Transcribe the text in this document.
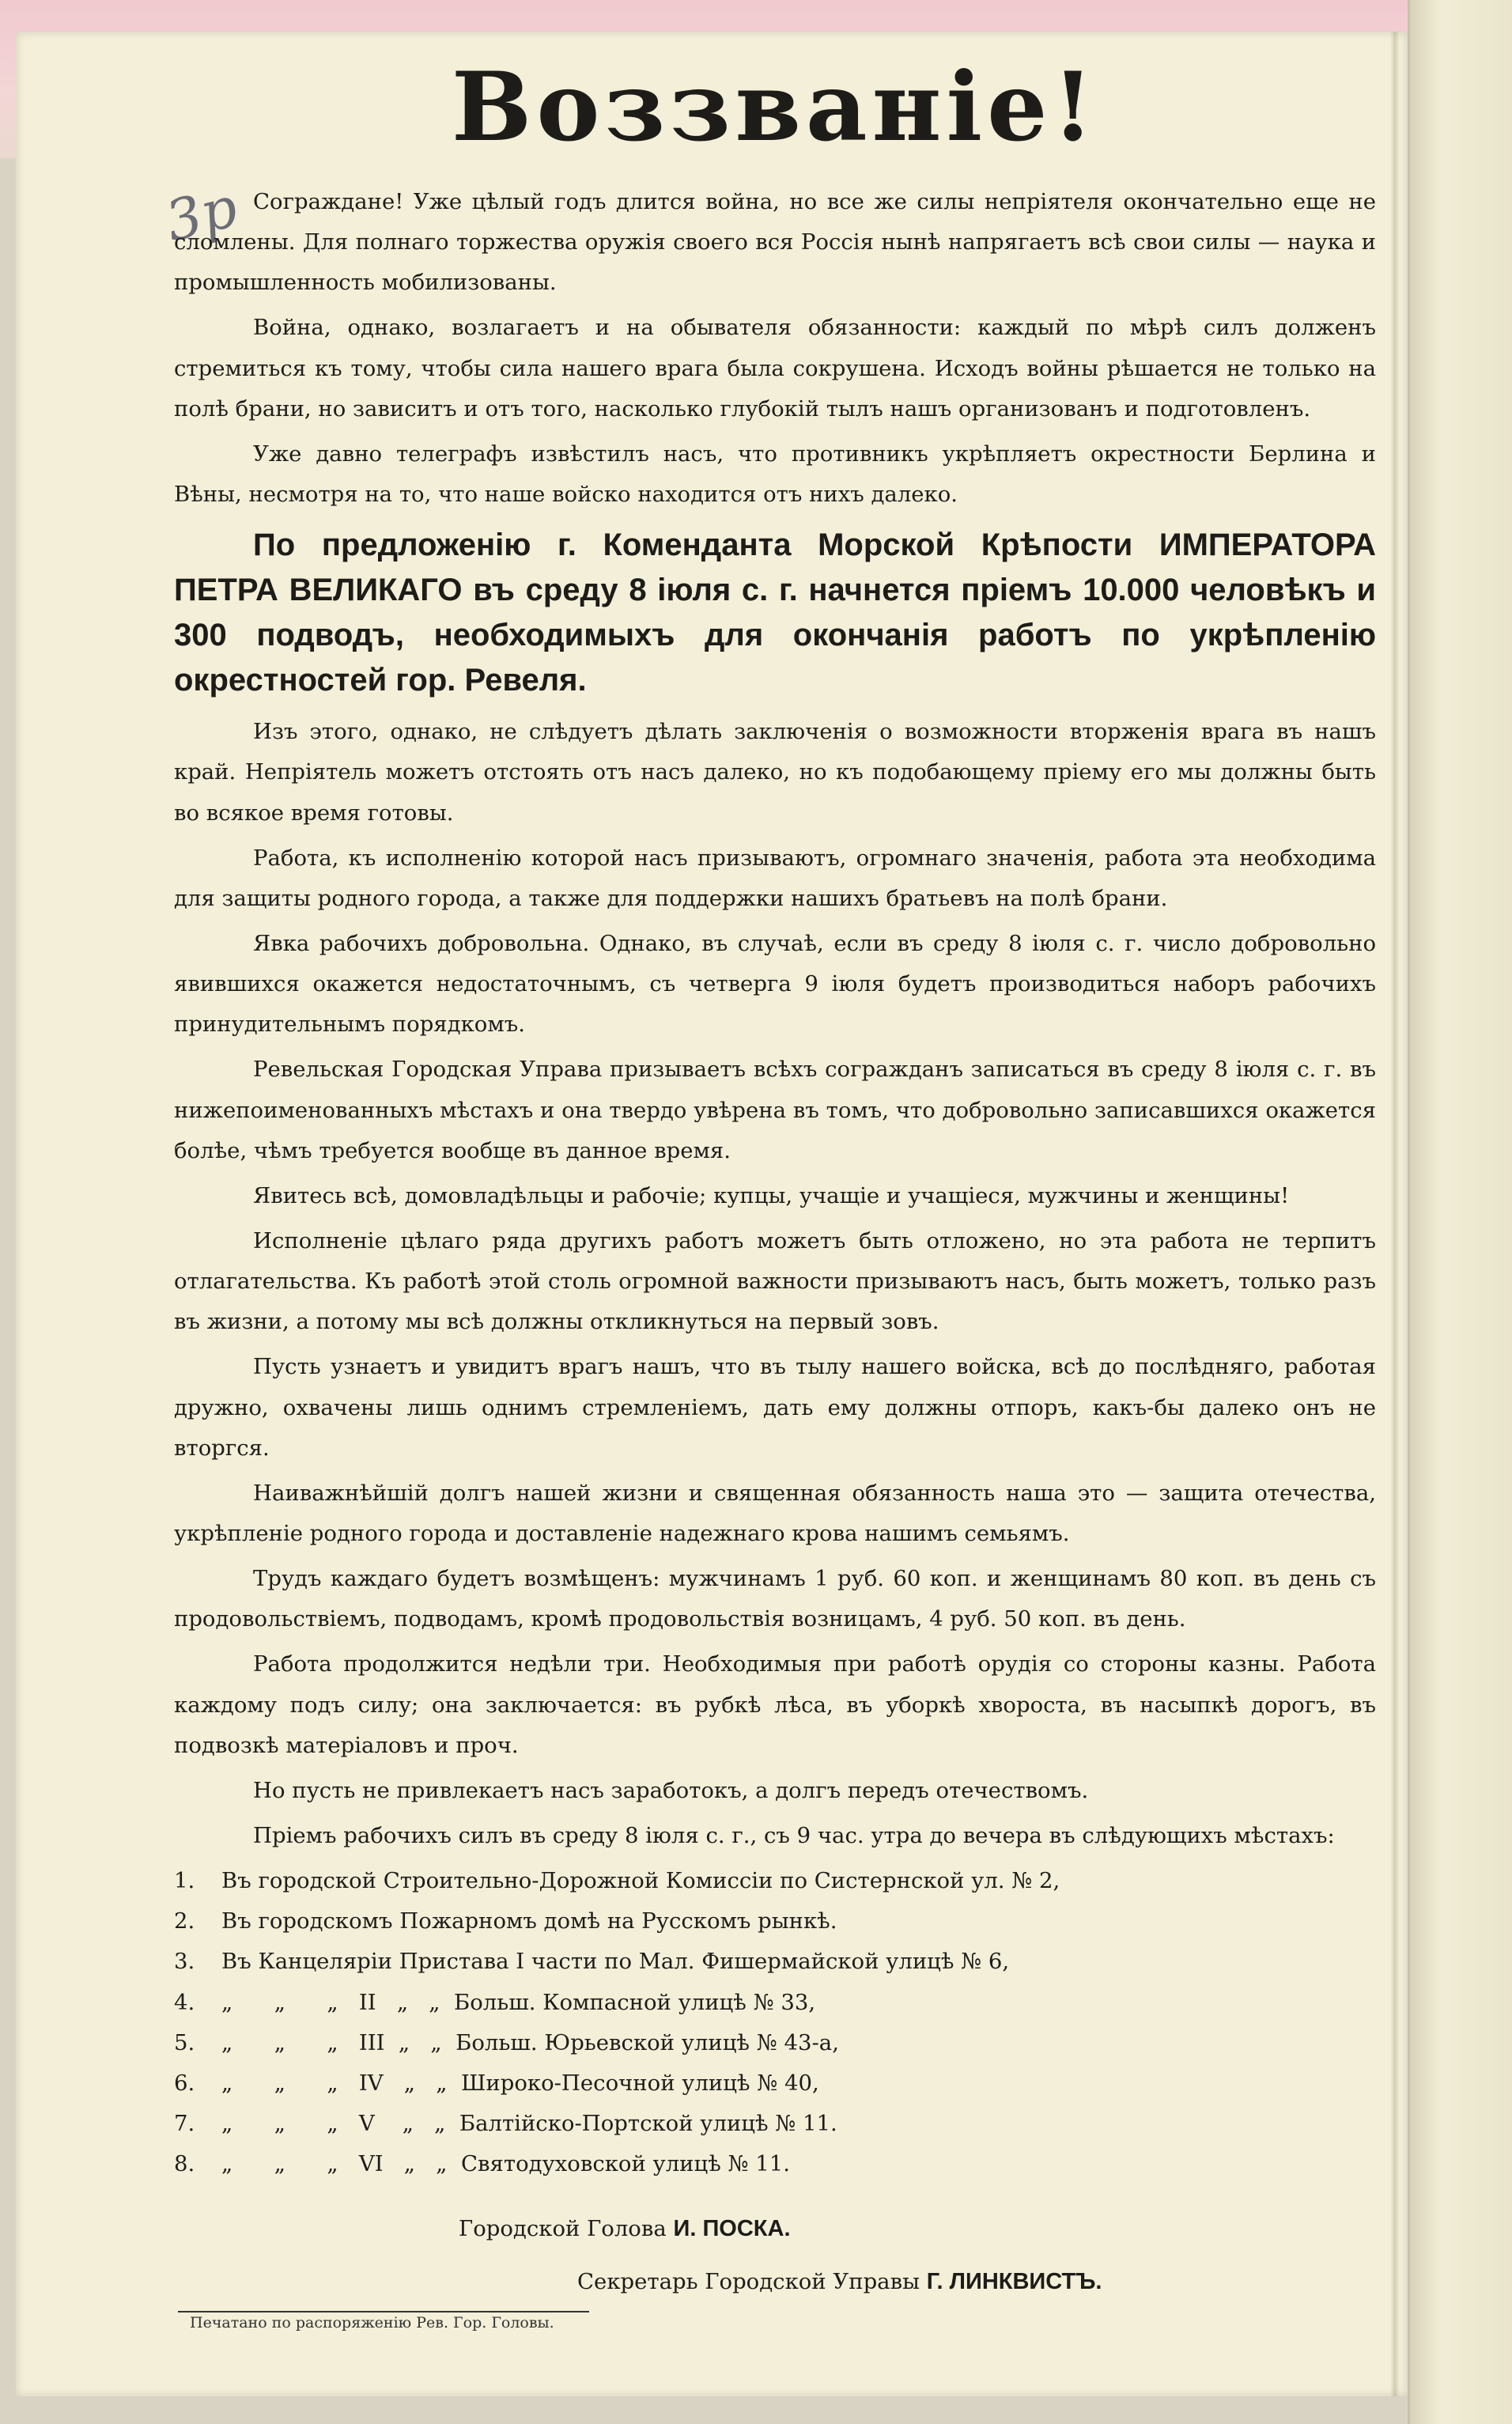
3р
Воззваніе!

Сограждане! Уже цѣлый годъ длится война, но все же силы непріятеля окончательно еще не сломлены. Для полнаго торжества оружія своего вся Россія нынѣ напрягаетъ всѣ свои силы — наука и промышленность мобилизованы.

Война, однако, возлагаетъ и на обывателя обязанности: каждый по мѣрѣ силъ долженъ стремиться къ тому, чтобы сила нашего врага была сокрушена. Исходъ войны рѣшается не только на полѣ брани, но зависитъ и отъ того, насколько глубокій тылъ нашъ организованъ и подготовленъ.

Уже давно телеграфъ извѣстилъ насъ, что противникъ укрѣпляетъ окрестности Берлина и Вѣны, несмотря на то, что наше войско находится отъ нихъ далеко.

По предложенію г. Коменданта Морской Крѣпости ИМПЕРАТОРА ПЕТРА ВЕЛИКАГО въ среду 8 іюля с. г. начнется пріемъ 10.000 человѣкъ и 300 подводъ, необходимыхъ для окончанія работъ по укрѣпленію окрестностей гор. Ревеля.

Изъ этого, однако, не слѣдуетъ дѣлать заключенія о возможности вторженія врага въ нашъ край. Непріятель можетъ отстоять отъ насъ далеко, но къ подобающему пріему его мы должны быть во всякое время готовы.

Работа, къ исполненію которой насъ призываютъ, огромнаго значенія, работа эта необходима для защиты родного города, а также для поддержки нашихъ братьевъ на полѣ брани.

Явка рабочихъ добровольна. Однако, въ случаѣ, если въ среду 8 іюля с. г. число добровольно явившихся окажется недостаточнымъ, съ четверга 9 іюля будетъ производиться наборъ рабочихъ принудительнымъ порядкомъ.

Ревельская Городская Управа призываетъ всѣхъ согражданъ записаться въ среду 8 іюля с. г. въ нижепоименованныхъ мѣстахъ и она твердо увѣрена въ томъ, что добровольно записавшихся окажется болѣе, чѣмъ требуется вообще въ данное время.

Явитесь всѣ, домовладѣльцы и рабочіе; купцы, учащіе и учащіеся, мужчины и женщины!

Исполненіе цѣлаго ряда другихъ работъ можетъ быть отложено, но эта работа не терпитъ отлагательства. Къ работѣ этой столь огромной важности призываютъ насъ, быть можетъ, только разъ въ жизни, а потому мы всѣ должны откликнуться на первый зовъ.

Пусть узнаетъ и увидитъ врагъ нашъ, что въ тылу нашего войска, всѣ до послѣдняго, работая дружно, охвачены лишь однимъ стремленіемъ, дать ему должны отпоръ, какъ-бы далеко онъ не вторгся.

Наиважнѣйшій долгъ нашей жизни и священная обязанность наша это — защита отечества, укрѣпленіе родного города и доставленіе надежнаго крова нашимъ семьямъ.

Трудъ каждаго будетъ возмѣщенъ: мужчинамъ 1 руб. 60 коп. и женщинамъ 80 коп. въ день съ продовольствіемъ, подводамъ, кромѣ продовольствія возницамъ, 4 руб. 50 коп. въ день.

Работа продолжится недѣли три. Необходимыя при работѣ орудія со стороны казны. Работа каждому подъ силу; она заключается: въ рубкѣ лѣса, въ уборкѣ хвороста, въ насыпкѣ дорогъ, въ подвозкѣ матеріаловъ и проч.

Но пусть не привлекаетъ насъ заработокъ, а долгъ передъ отечествомъ.

Пріемъ рабочихъ силъ въ среду 8 іюля с. г., съ 9 час. утра до вечера въ слѣдующихъ мѣстахъ:

1.	Въ городской Строительно-Дорожной Комиссіи по Систернской ул. № 2,
2.	Въ городскомъ Пожарномъ домѣ на Русскомъ рынкѣ.
3.	Въ Канцеляріи Пристава І части по Мал. Фишермайской улицѣ № 6,
4.	„      „      „   II   „   „  Больш. Компасной улицѣ № 33,
5.	„      „      „   III  „   „  Больш. Юрьевской улицѣ № 43-а,
6.	„      „      „   IV   „   „  Широко-Песочной улицѣ № 40,
7.	„      „      „   V    „   „  Балтійско-Портской улицѣ № 11.
8.	„      „      „   VI   „   „  Святодуховской улицѣ № 11.
Городской Голова И. ПОСКА.
Секретарь Городской Управы Г. ЛИНКВИСТЪ.
Печатано по распоряженію Рев. Гор. Головы.
